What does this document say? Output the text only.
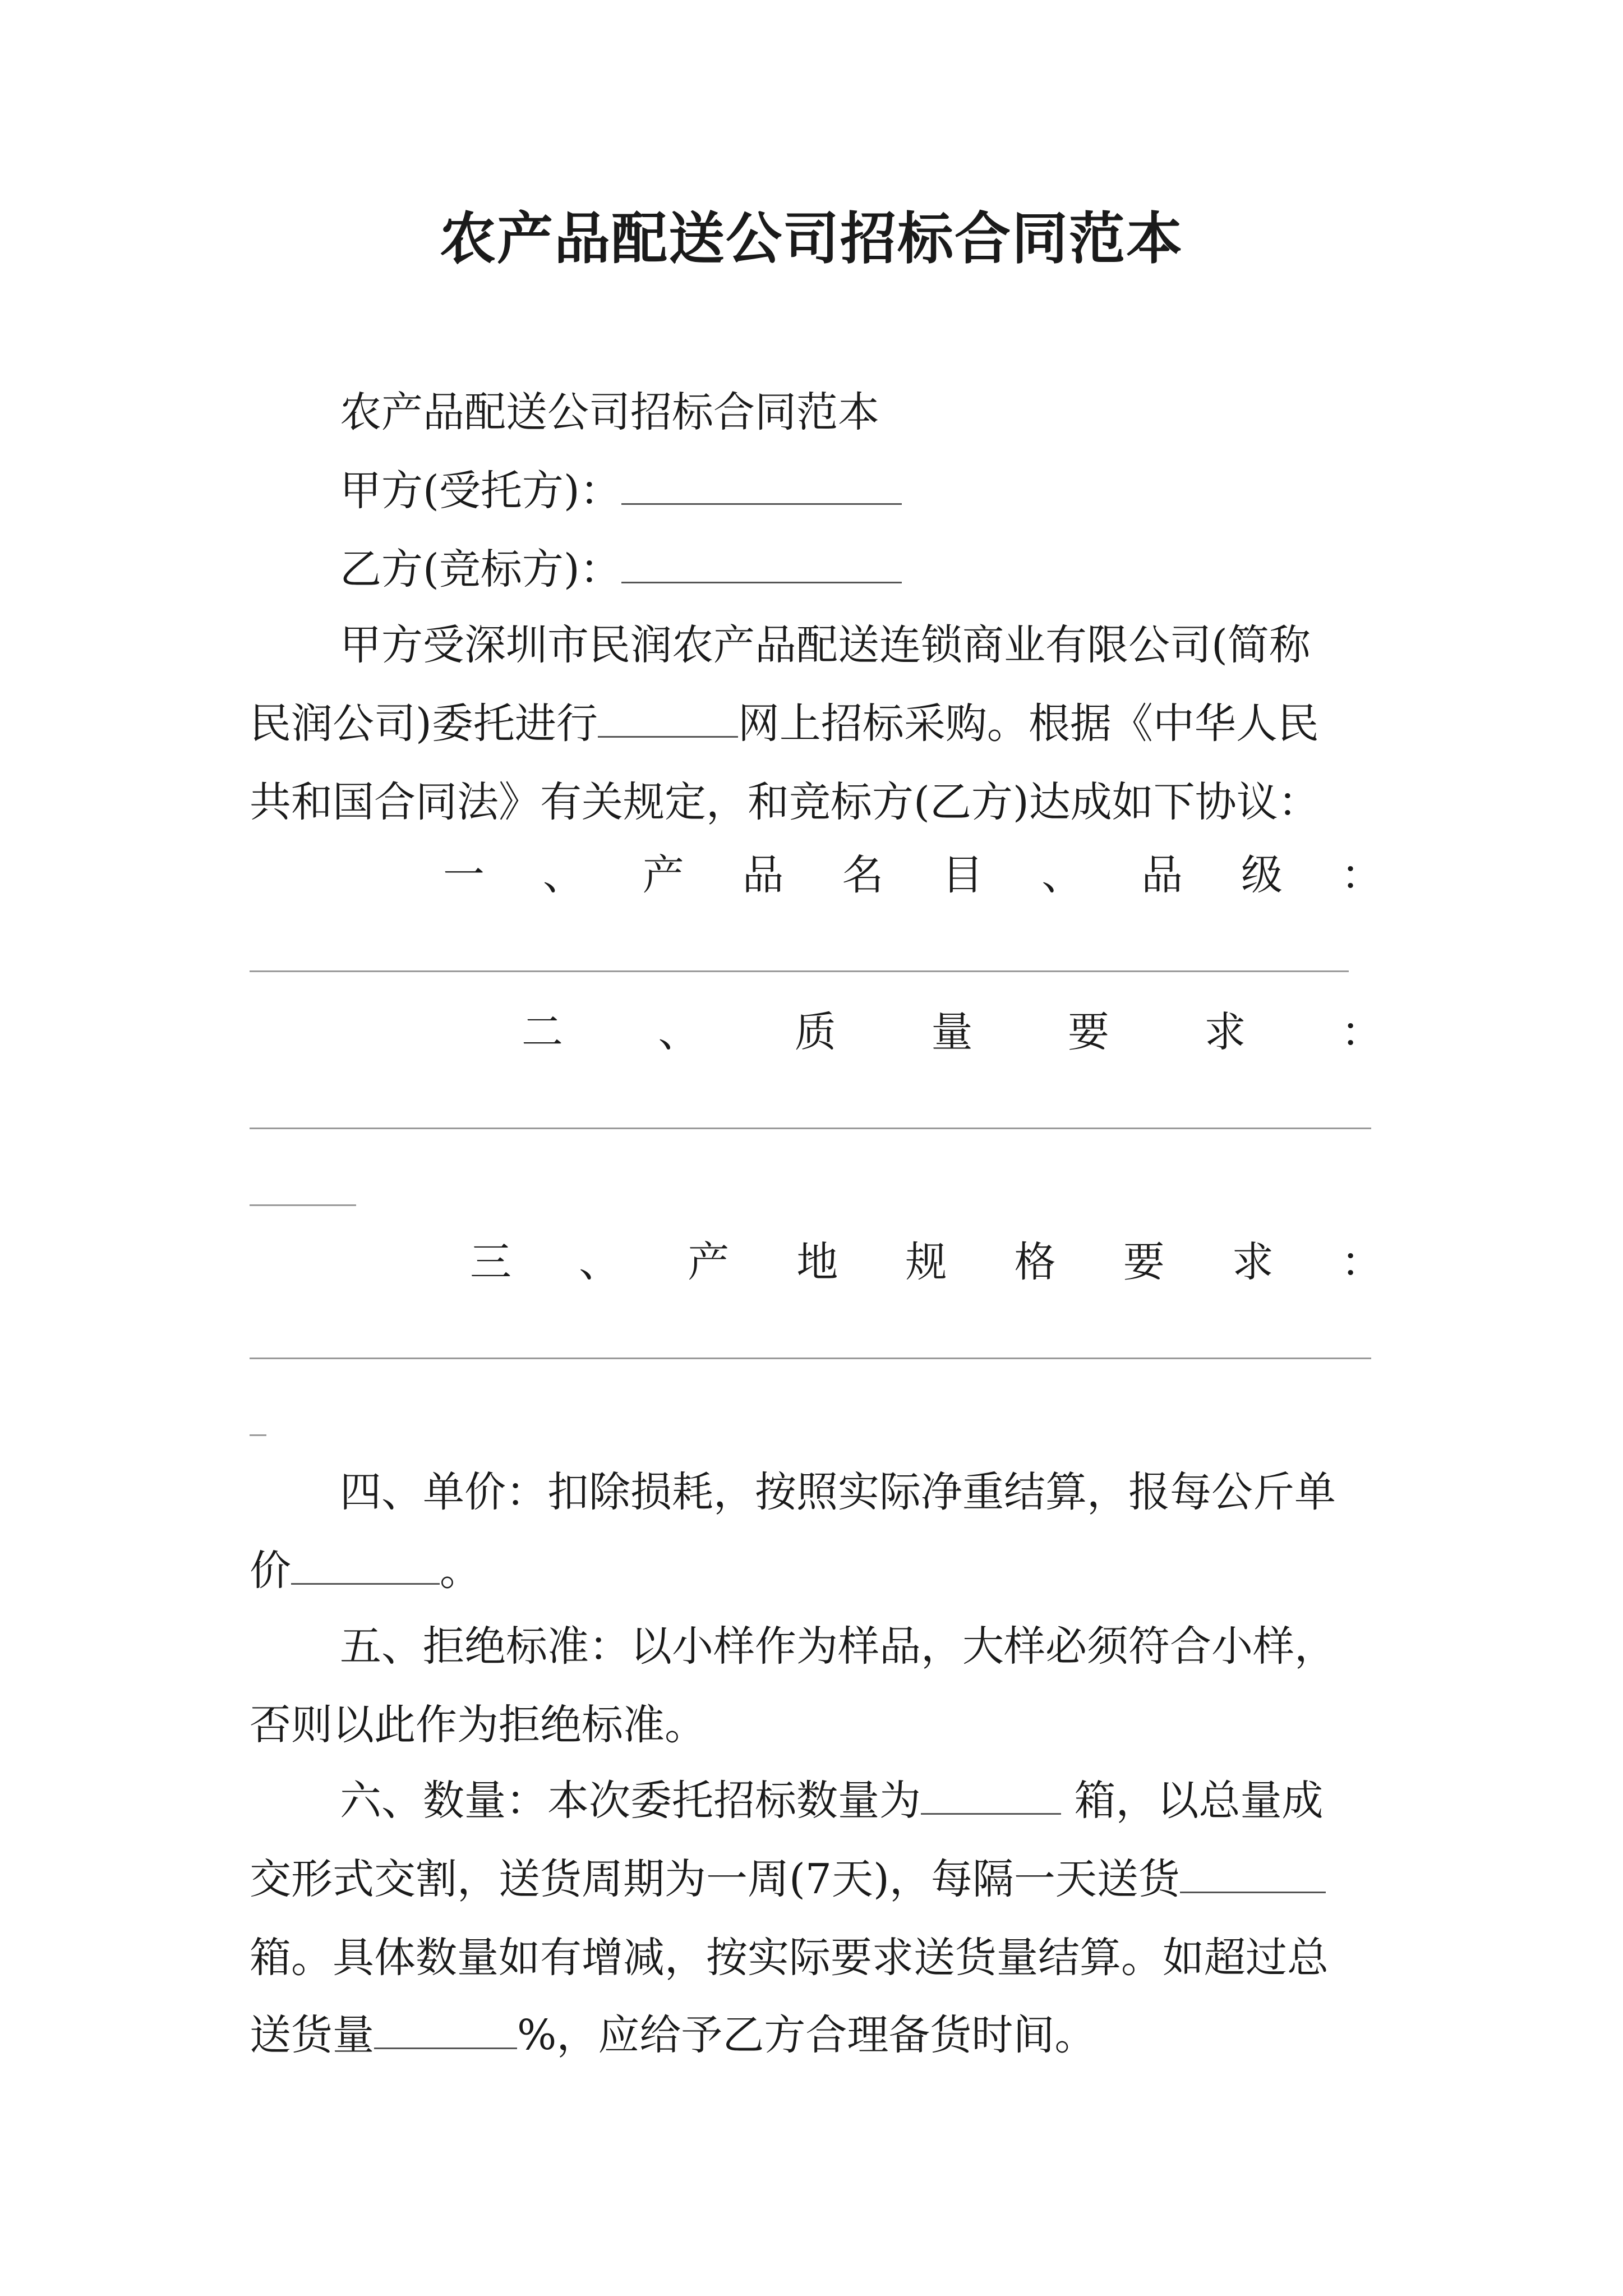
农产品配送公司招标合同范本
农产品配送公司招标合同范本
甲方(受托方)：
乙方(竞标方)：
甲方受深圳市民润农产品配送连锁商业有限公司(简称
民润公司)委托进行	网上招标采购。根据《中华人民
共和国合同法》有关规定，和竞标方(乙方)达成如下协议：
一 、 产 品 名 目 、 品 级 ：
二 、 质 量 要 求 ：
三 、 产 地 规 格 要 求 ：
四、单价：扣除损耗，按照实际净重结算，报每公斤单
价	。
五、拒绝标准：以小样作为样品，大样必须符合小样，
否则以此作为拒绝标准。
六、数量：本次委托招标数量为	箱，以总量成
交形式交割，送货周期为一周(7天)，每隔一天送货
箱。具体数量如有增减，按实际要求送货量结算。如超过总
送货量	%，应给予乙方合理备货时间。
